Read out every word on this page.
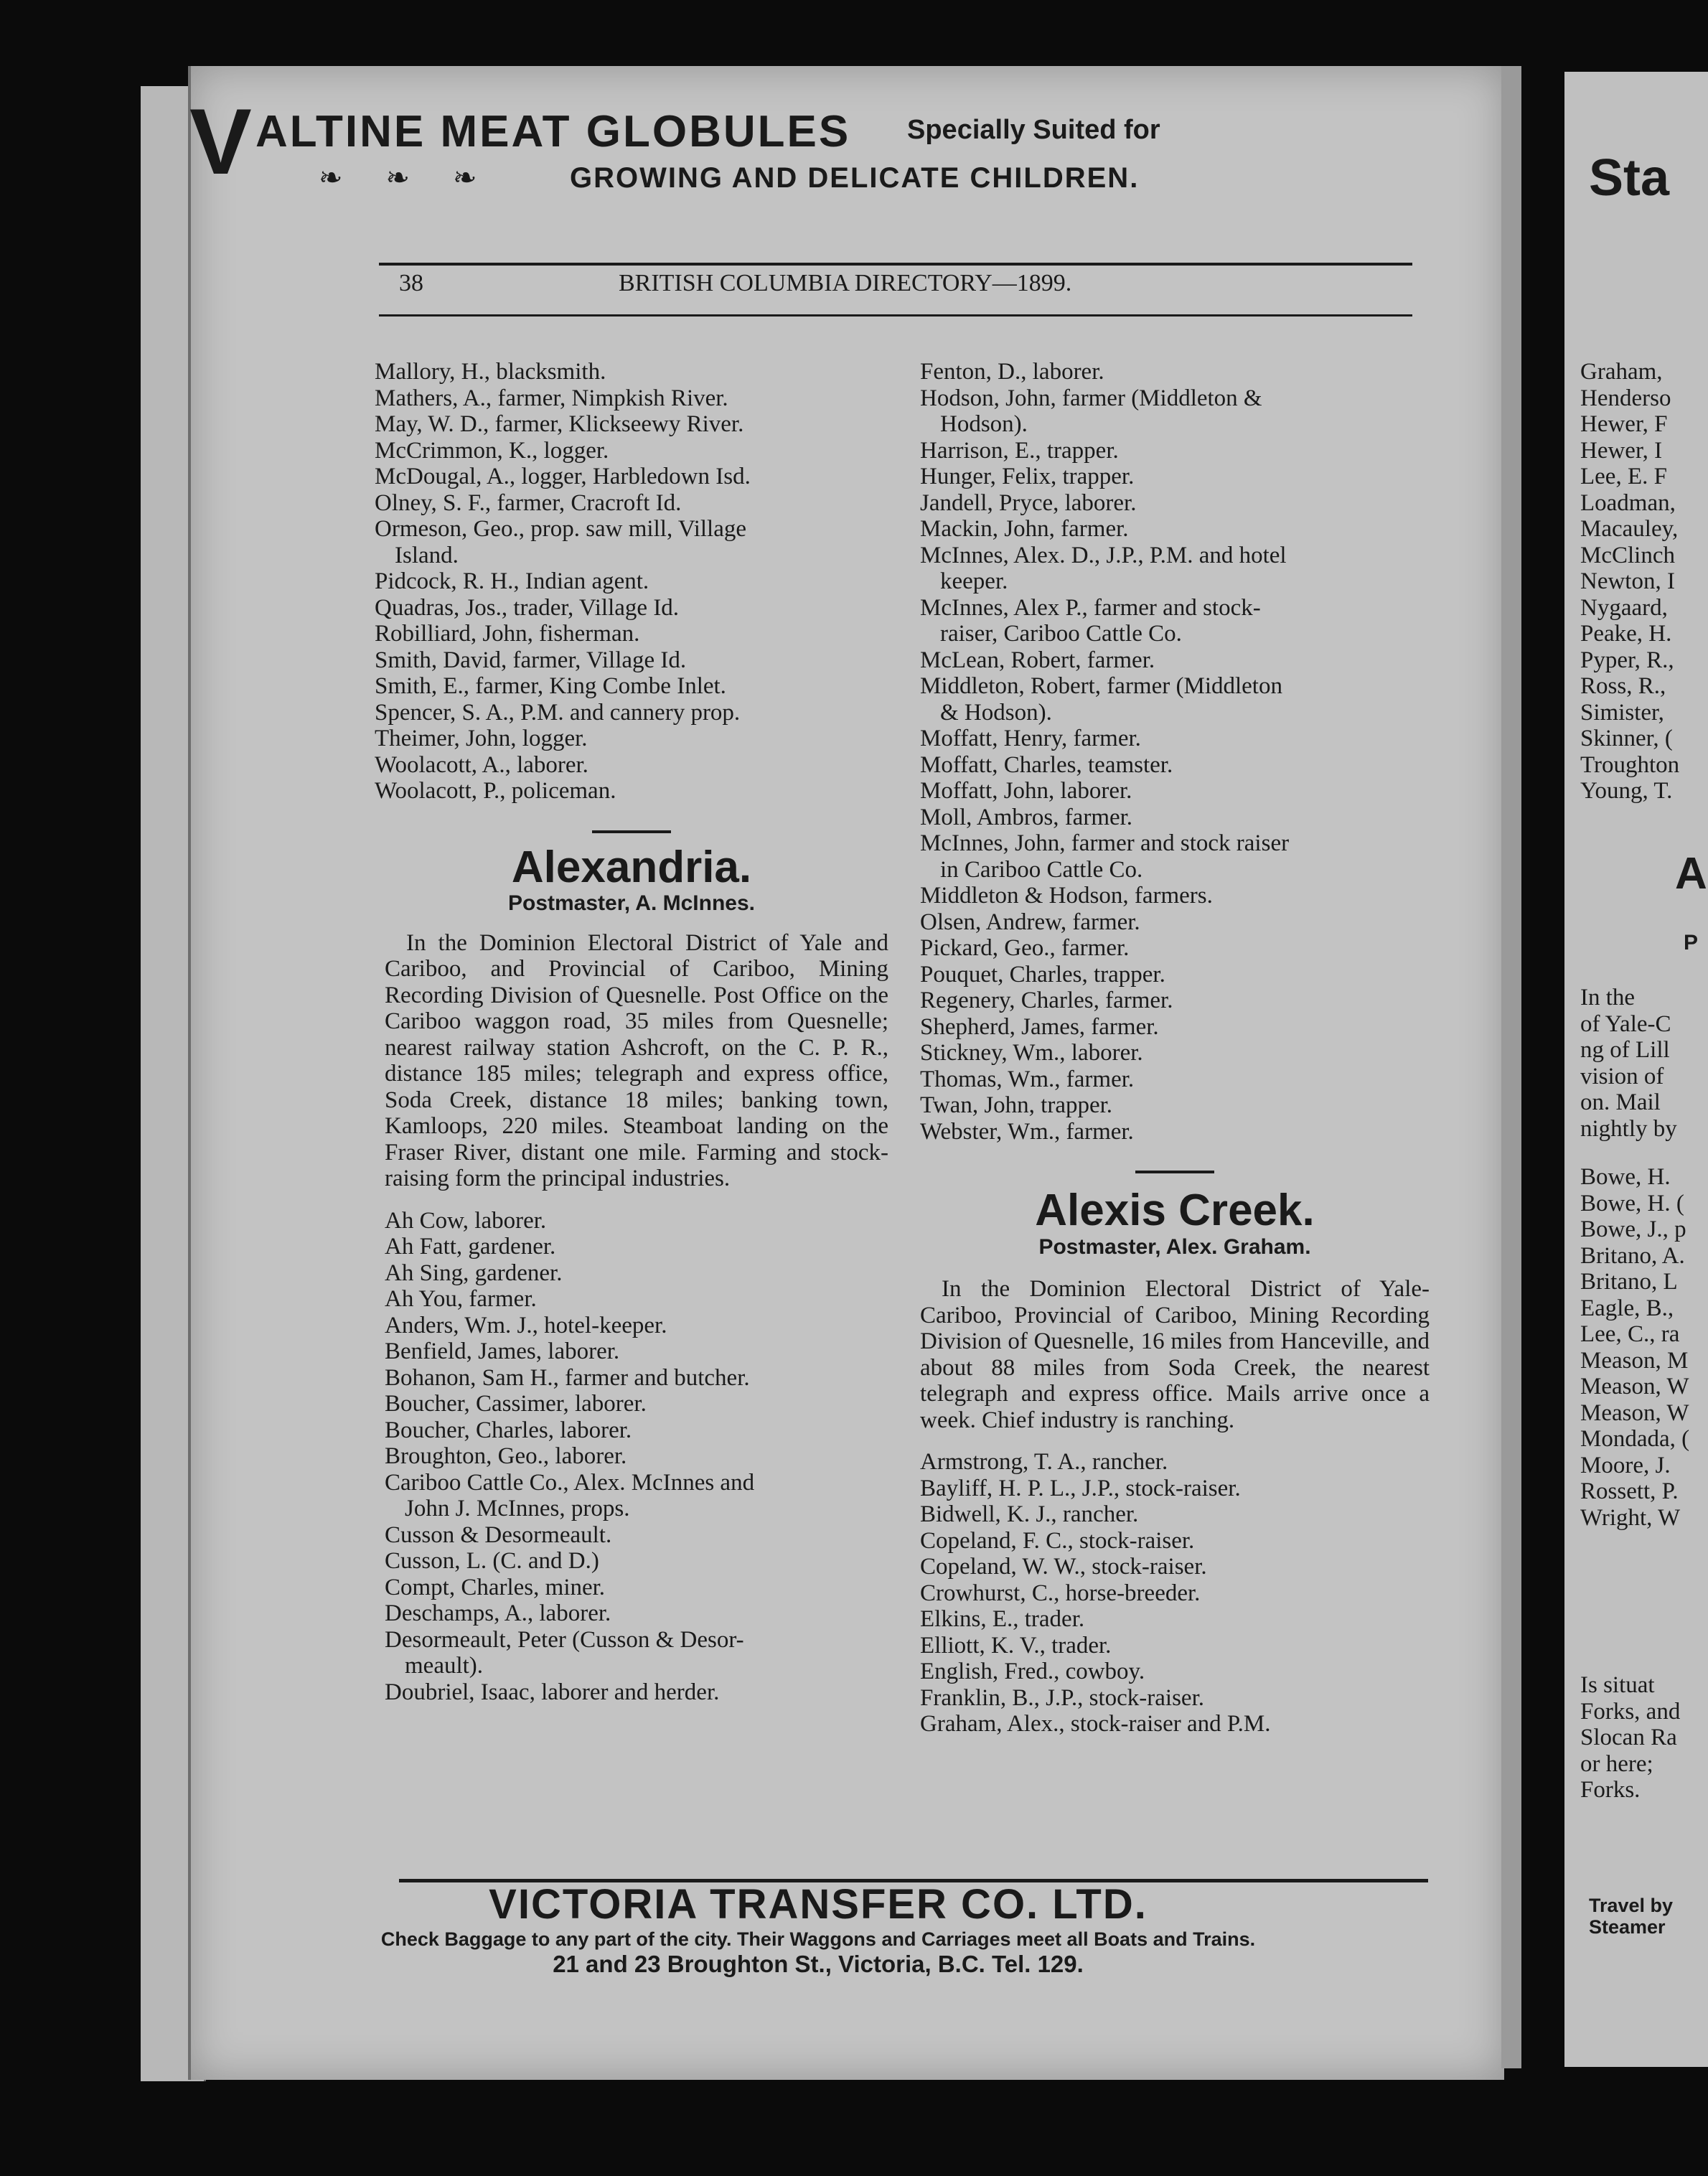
V ALTINE MEAT GLOBULES Specially Suited for
❧❧❧ GROWING AND DELICATE CHILDREN.
38	BRITISH COLUMBIA DIRECTORY—1899.
Mallory, H., blacksmith.
Mathers, A., farmer, Nimpkish River.
May, W. D., farmer, Klickseewy River.
McCrimmon, K., logger.
McDougal, A., logger, Harbledown Isd.
Olney, S. F., farmer, Cracroft Id.
Ormeson, Geo., prop. saw mill, Village
Island.
Pidcock, R. H., Indian agent.
Quadras, Jos., trader, Village Id.
Robilliard, John, fisherman.
Smith, David, farmer, Village Id.
Smith, E., farmer, King Combe Inlet.
Spencer, S. A., P.M. and cannery prop.
Theimer, John, logger.
Woolacott, A., laborer.
Woolacott, P., policeman.
Alexandria.
Postmaster, A. McInnes.
In the Dominion Electoral District of Yale and Cariboo, and Provincial of Cariboo, Mining Recording Division of Quesnelle. Post Office on the Cariboo waggon road, 35 miles from Quesnelle; nearest railway station Ashcroft, on the C. P. R., distance 185 miles; telegraph and express office, Soda Creek, distance 18 miles; banking town, Kamloops, 220 miles. Steamboat landing on the Fraser River, distant one mile. Farming and stock-raising form the principal industries.
Ah Cow, laborer.
Ah Fatt, gardener.
Ah Sing, gardener.
Ah You, farmer.
Anders, Wm. J., hotel-keeper.
Benfield, James, laborer.
Bohanon, Sam H., farmer and butcher.
Boucher, Cassimer, laborer.
Boucher, Charles, laborer.
Broughton, Geo., laborer.
Cariboo Cattle Co., Alex. McInnes and
John J. McInnes, props.
Cusson & Desormeault.
Cusson, L. (C. and D.)
Compt, Charles, miner.
Deschamps, A., laborer.
Desormeault, Peter (Cusson & Desor-
meault).
Doubriel, Isaac, laborer and herder.
Fenton, D., laborer.
Hodson, John, farmer (Middleton &
Hodson).
Harrison, E., trapper.
Hunger, Felix, trapper.
Jandell, Pryce, laborer.
Mackin, John, farmer.
McInnes, Alex. D., J.P., P.M. and hotel
keeper.
McInnes, Alex P., farmer and stock-
raiser, Cariboo Cattle Co.
McLean, Robert, farmer.
Middleton, Robert, farmer (Middleton
& Hodson).
Moffatt, Henry, farmer.
Moffatt, Charles, teamster.
Moffatt, John, laborer.
Moll, Ambros, farmer.
McInnes, John, farmer and stock raiser
in Cariboo Cattle Co.
Middleton & Hodson, farmers.
Olsen, Andrew, farmer.
Pickard, Geo., farmer.
Pouquet, Charles, trapper.
Regenery, Charles, farmer.
Shepherd, James, farmer.
Stickney, Wm., laborer.
Thomas, Wm., farmer.
Twan, John, trapper.
Webster, Wm., farmer.
Alexis Creek.
Postmaster, Alex. Graham.
In the Dominion Electoral District of Yale-Cariboo, Provincial of Cariboo, Mining Recording Division of Quesnelle, 16 miles from Hanceville, and about 88 miles from Soda Creek, the nearest telegraph and express office. Mails arrive once a week. Chief industry is ranching.
Armstrong, T. A., rancher.
Bayliff, H. P. L., J.P., stock-raiser.
Bidwell, K. J., rancher.
Copeland, F. C., stock-raiser.
Copeland, W. W., stock-raiser.
Crowhurst, C., horse-breeder.
Elkins, E., trader.
Elliott, K. V., trader.
English, Fred., cowboy.
Franklin, B., J.P., stock-raiser.
Graham, Alex., stock-raiser and P.M.
VICTORIA TRANSFER CO. LTD.
Check Baggage to any part of the city. Their Waggons and Carriages meet all Boats and Trains.
21 and 23 Broughton St., Victoria, B.C. Tel. 129.
Sta
Graham,
Henderso
Hewer, F
Hewer, I
Lee, E. F
Loadman,
Macauley,
McClinch
Newton, I
Nygaard,
Peake, H.
Pyper, R.,
Ross, R.,
Simister,
Skinner, (
Troughton
Young, T.
A
P
In the
of Yale-C
ng of Lill
vision of
on. Mail
nightly by
Bowe, H.
Bowe, H. (
Bowe, J., p
Britano, A.
Britano, L
Eagle, B.,
Lee, C., ra
Meason, M
Meason, W
Meason, W
Mondada, (
Moore, J.
Rossett, P.
Wright, W
Is situat
Forks, and
Slocan Ra
or here;
Forks.
Travel by
Steamer
